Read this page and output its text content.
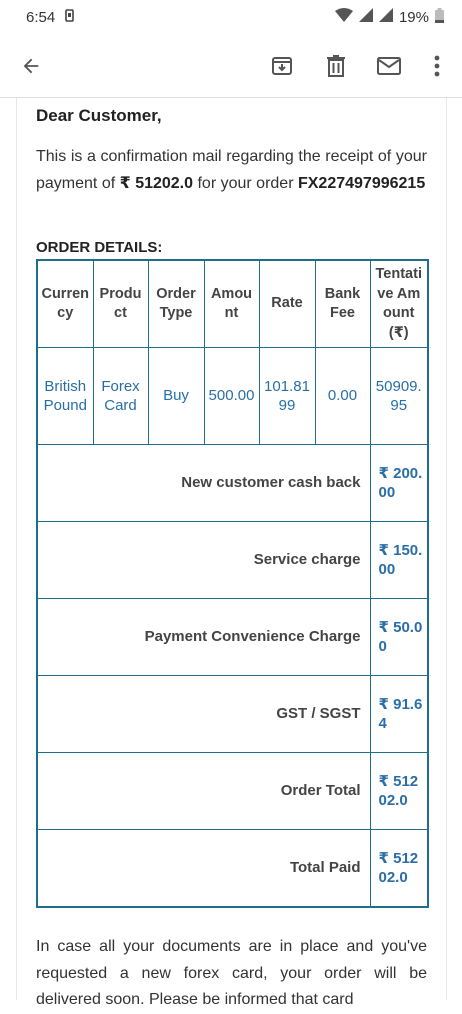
6:54	19%
Dear Customer,
This is a confirmation mail regarding the receipt of your payment of ₹ 51202.0 for your order FX227497996215
ORDER DETAILS:
Currency	Product	Order Type	Amount	Rate	Bank Fee	Tentative Amount (₹)
British Pound	Forex Card	Buy	500.00	101.8199	0.00	50909.95
New customer cash back						₹ 200.00
Service charge						₹ 150.00
Payment Convenience Charge						₹ 50.00
GST / SGST						₹ 91.64
Order Total						₹ 51202.0
Total Paid						₹ 51202.0
In case all your documents are in place and you've requested a new forex card, your order will be delivered soon. Please be informed that card
